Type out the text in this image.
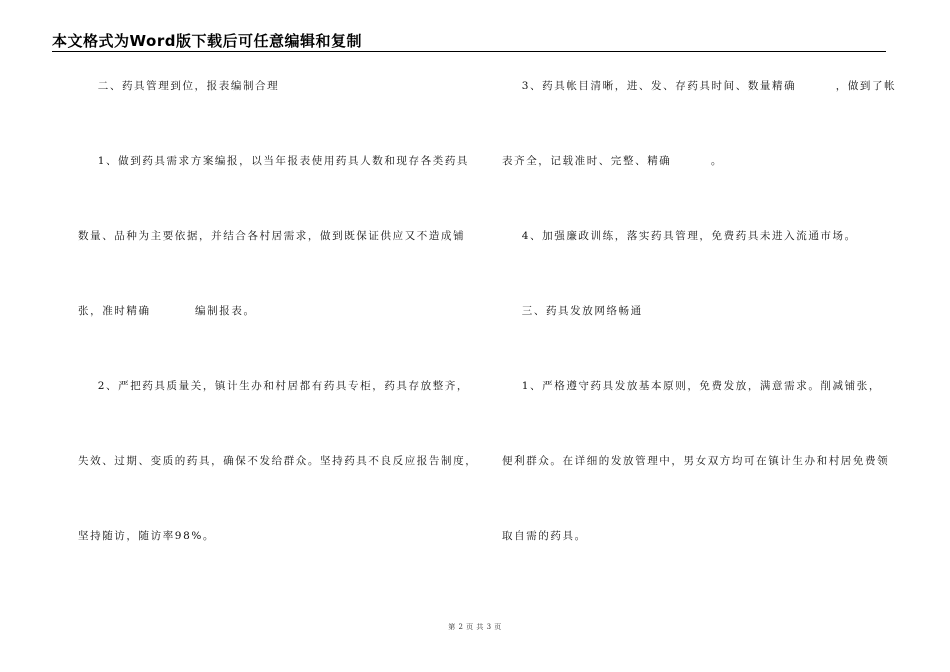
本文格式为Word版下载后可任意编辑和复制
二、药具管理到位，报表编制合理
1、做到药具需求方案编报，以当年报表使用药具人数和现存各类药具
数量、品种为主要依据，并结合各村居需求，做到既保证供应又不造成铺
张，准时精确         编制报表。
2、严把药具质量关，镇计生办和村居都有药具专柜，药具存放整齐，
失效、过期、变质的药具，确保不发给群众。坚持药具不良反应报告制度，
坚持随访，随访率98%。
3、药具帐目清晰，进、发、存药具时间、数量精确        ，做到了帐
表齐全，记载准时、完整、精确        。
4、加强廉政训练，落实药具管理，免费药具未进入流通市场。
三、药具发放网络畅通
1、严格遵守药具发放基本原则，免费发放，满意需求。削减铺张，
便利群众。在详细的发放管理中，男女双方均可在镇计生办和村居免费领
取自需的药具。
第 2 页 共 3 页
